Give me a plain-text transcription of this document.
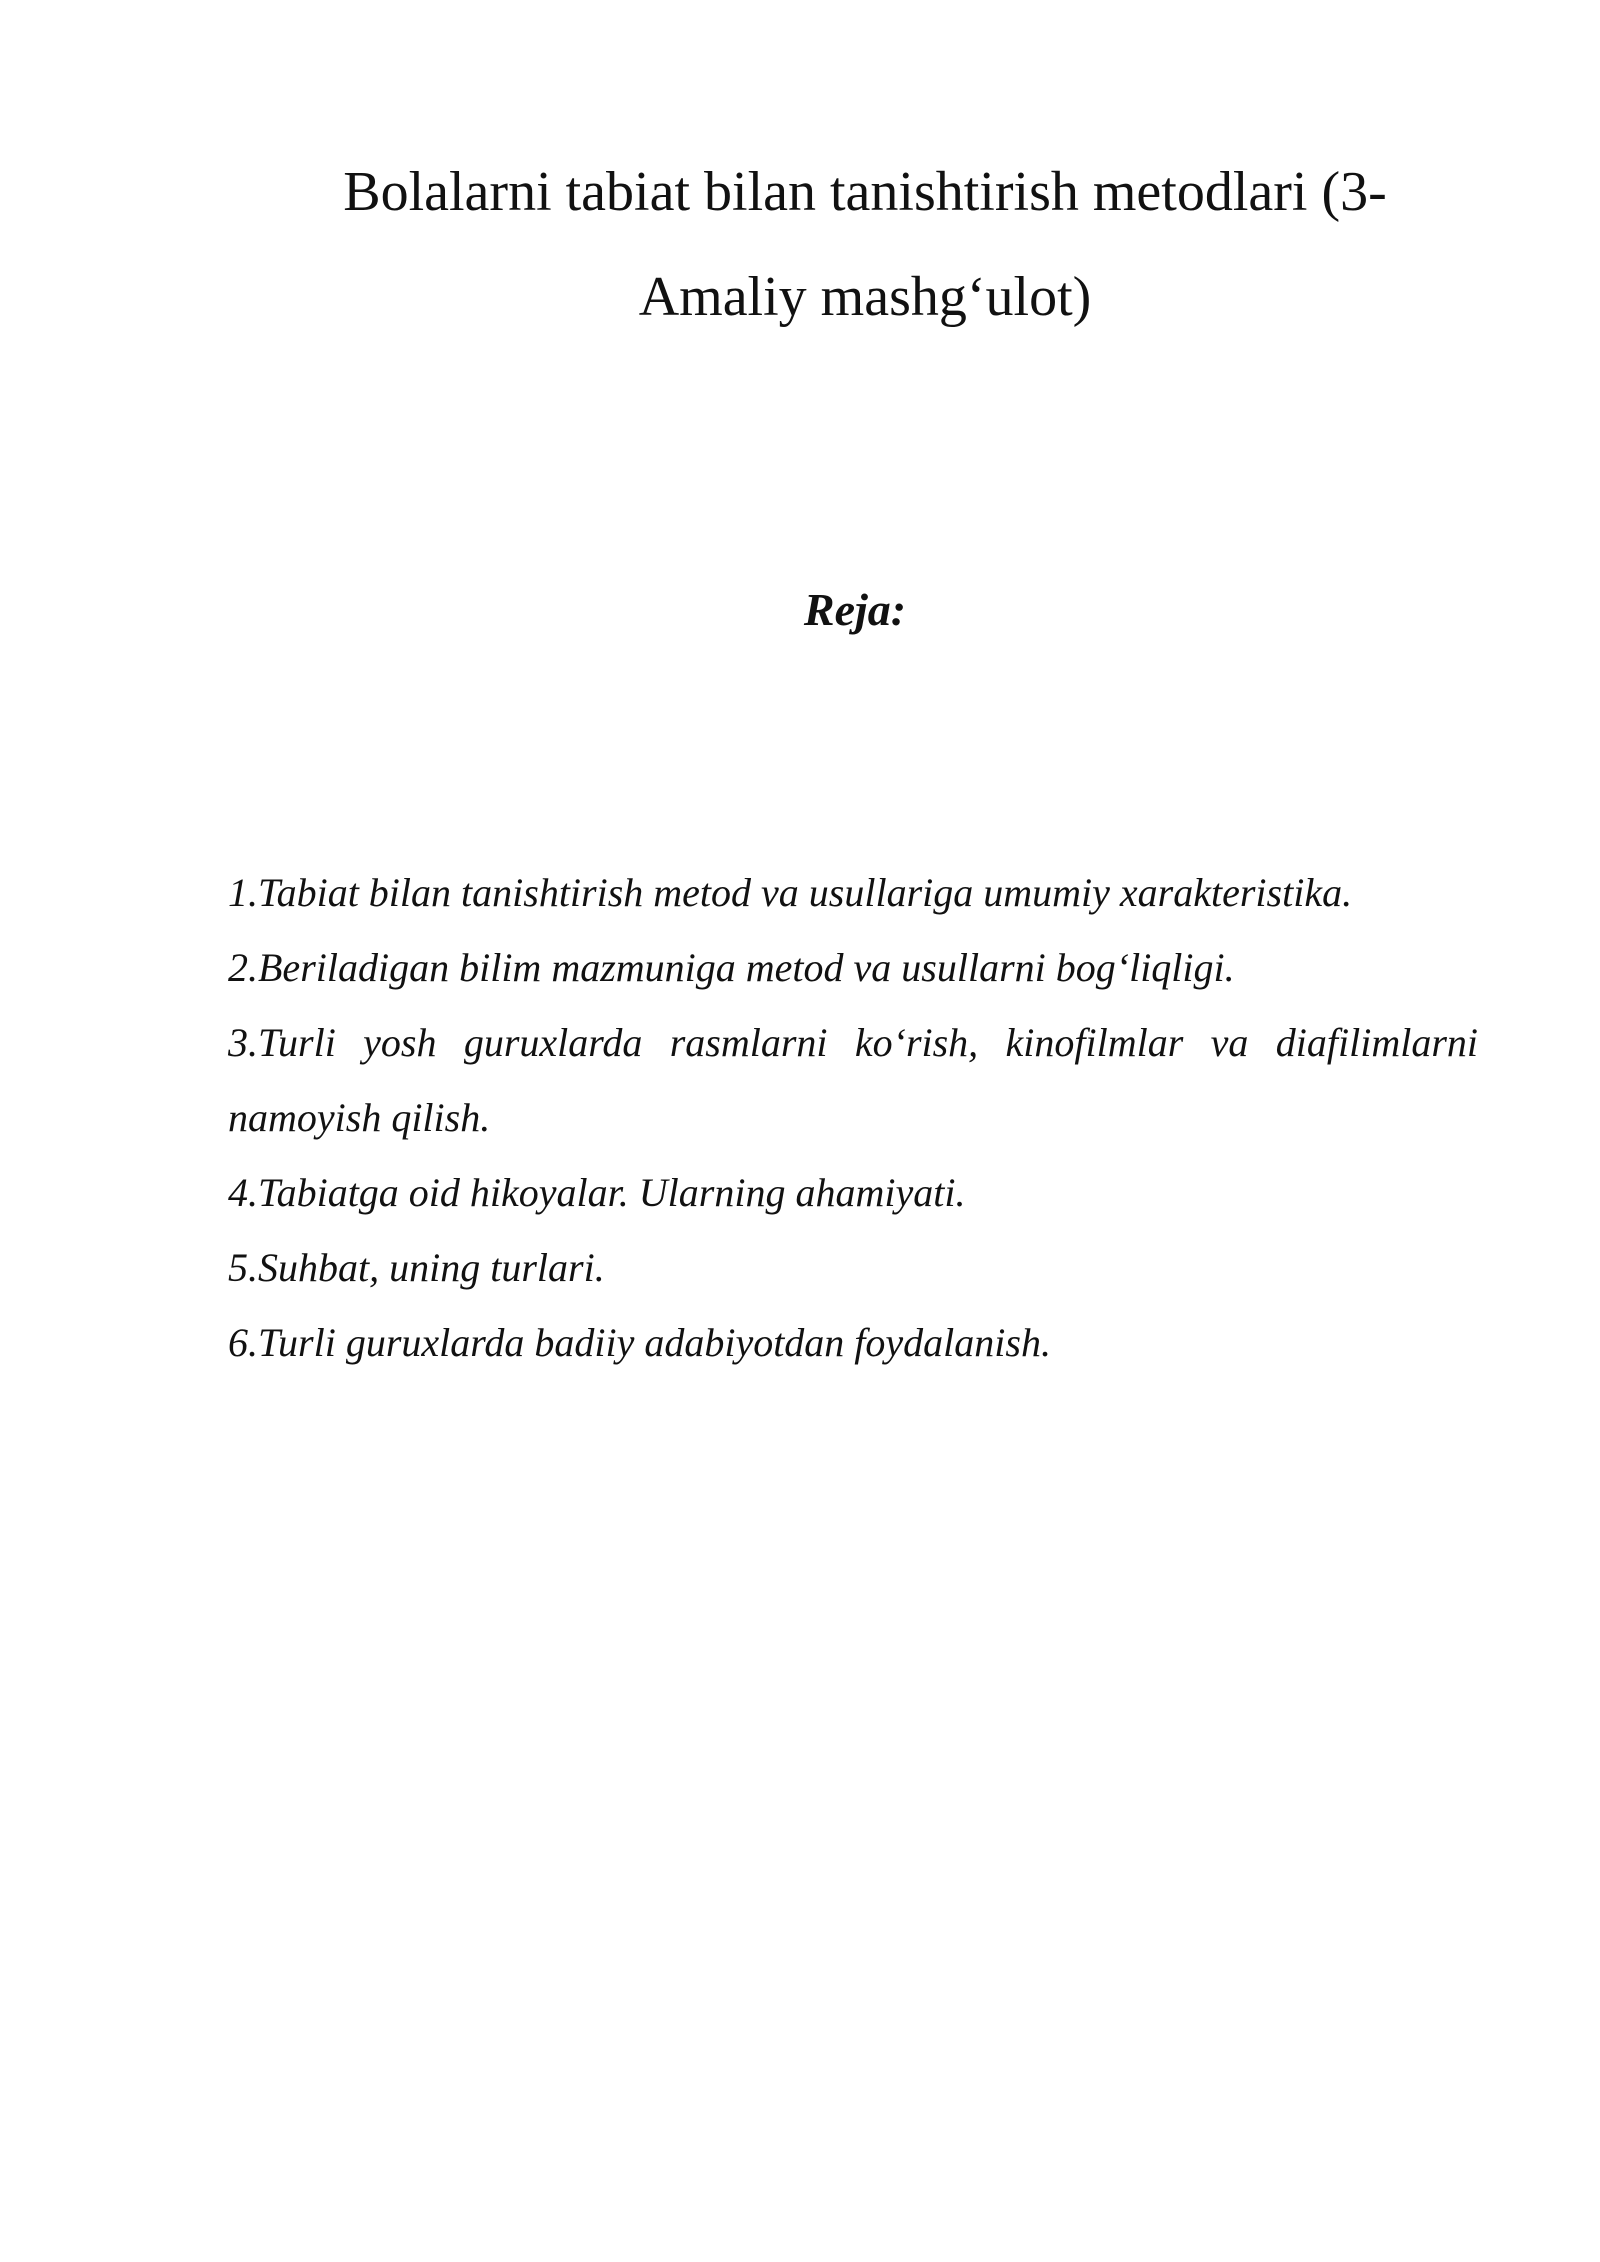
Bolalarni tabiat bilan tanishtirish metodlari (3-
Amaliy mashg‘ulot)
Reja:
1.Tabiat bilan tanishtirish metod va usullariga umumiy xarakteristika.
2.Beriladigan bilim mazmuniga metod va usullarni bog‘liqligi.
3.Turli yosh guruxlarda rasmlarni ko‘rish, kinofilmlar va diafilimlarni namoyish qilish.
4.Tabiatga oid hikoyalar. Ularning ahamiyati.
5.Suhbat, uning turlari.
6.Turli guruxlarda badiiy adabiyotdan foydalanish.
